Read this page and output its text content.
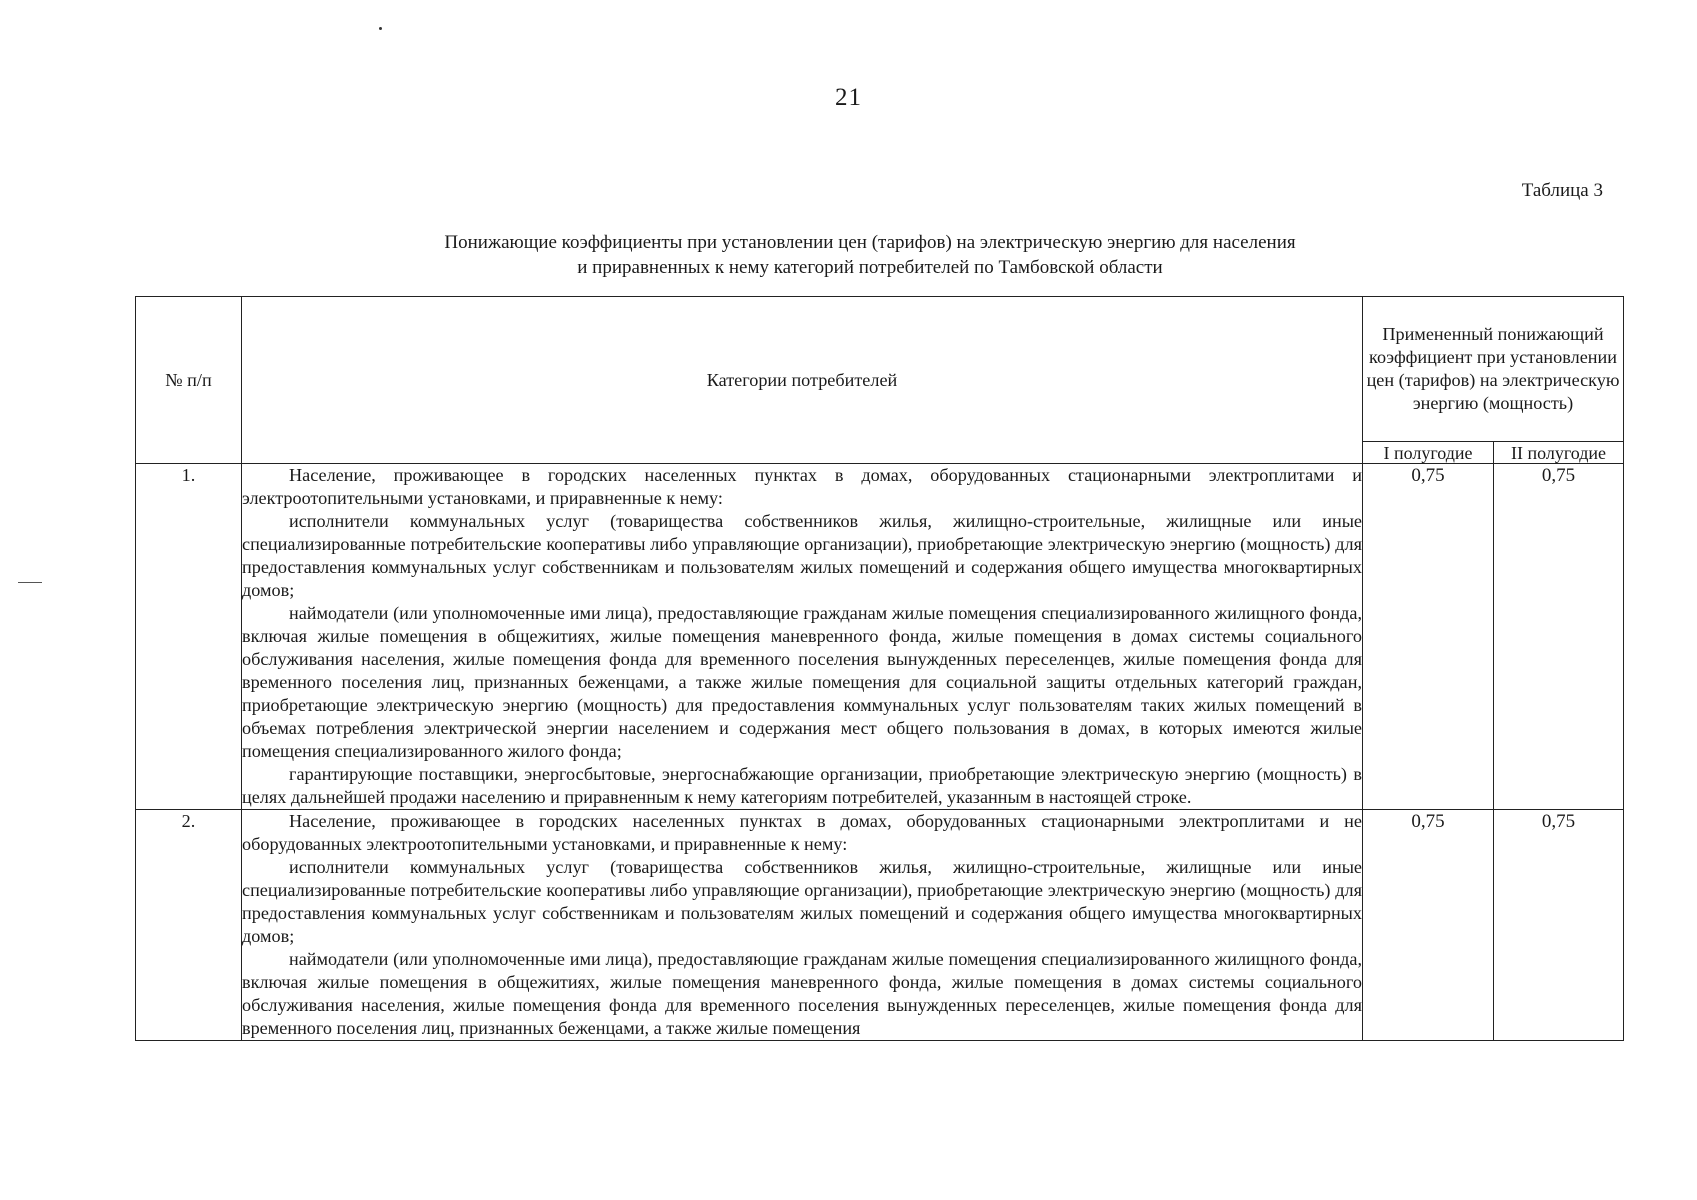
21
Таблица 3
Понижающие коэффициенты при установлении цен (тарифов) на электрическую энергию для населения
и приравненных к нему категорий потребителей по Тамбовской области
№ п/п	Категории потребителей	Примененный понижающий коэффициент при установлении цен (тарифов) на электрическую энергию (мощность)	
		I полугодие	II полугодие
1.	Население, проживающее в городских населенных пунктах в домах, оборудованных стационарными электроплитами и электроотопительными установками, и приравненные к нему:

исполнители коммунальных услуг (товарищества собственников жилья, жилищно-строительные, жилищные или иные специализированные потребительские кооперативы либо управляющие организации), приобретающие электрическую энергию (мощность) для предоставления коммунальных услуг собственникам и пользователям жилых помещений и содержания общего имущества многоквартирных домов;

наймодатели (или уполномоченные ими лица), предоставляющие гражданам жилые помещения специализированного жилищного фонда, включая жилые помещения в общежитиях, жилые помещения маневренного фонда, жилые помещения в домах системы социального обслуживания населения, жилые помещения фонда для временного поселения вынужденных переселенцев, жилые помещения фонда для временного поселения лиц, признанных беженцами, а также жилые помещения для социальной защиты отдельных категорий граждан, приобретающие электрическую энергию (мощность) для предоставления коммунальных услуг пользователям таких жилых помещений в объемах потребления электрической энергии населением и содержания мест общего пользования в домах, в которых имеются жилые помещения специализированного жилого фонда;

гарантирующие поставщики, энергосбытовые, энергоснабжающие организации, приобретающие электрическую энергию (мощность) в целях дальнейшей продажи населению и приравненным к нему категориям потребителей, указанным в настоящей строке.	0,75	0,75
2.	Население, проживающее в городских населенных пунктах в домах, оборудованных стационарными электроплитами и не оборудованных электроотопительными установками, и приравненные к нему:

исполнители коммунальных услуг (товарищества собственников жилья, жилищно-строительные, жилищные или иные специализированные потребительские кооперативы либо управляющие организации), приобретающие электрическую энергию (мощность) для предоставления коммунальных услуг собственникам и пользователям жилых помещений и содержания общего имущества многоквартирных домов;

наймодатели (или уполномоченные ими лица), предоставляющие гражданам жилые помещения специализированного жилищного фонда, включая жилые помещения в общежитиях, жилые помещения маневренного фонда, жилые помещения в домах системы социального обслуживания населения, жилые помещения фонда для временного поселения вынужденных переселенцев, жилые помещения фонда для временного поселения лиц, признанных беженцами, а также жилые помещения	0,75	0,75
